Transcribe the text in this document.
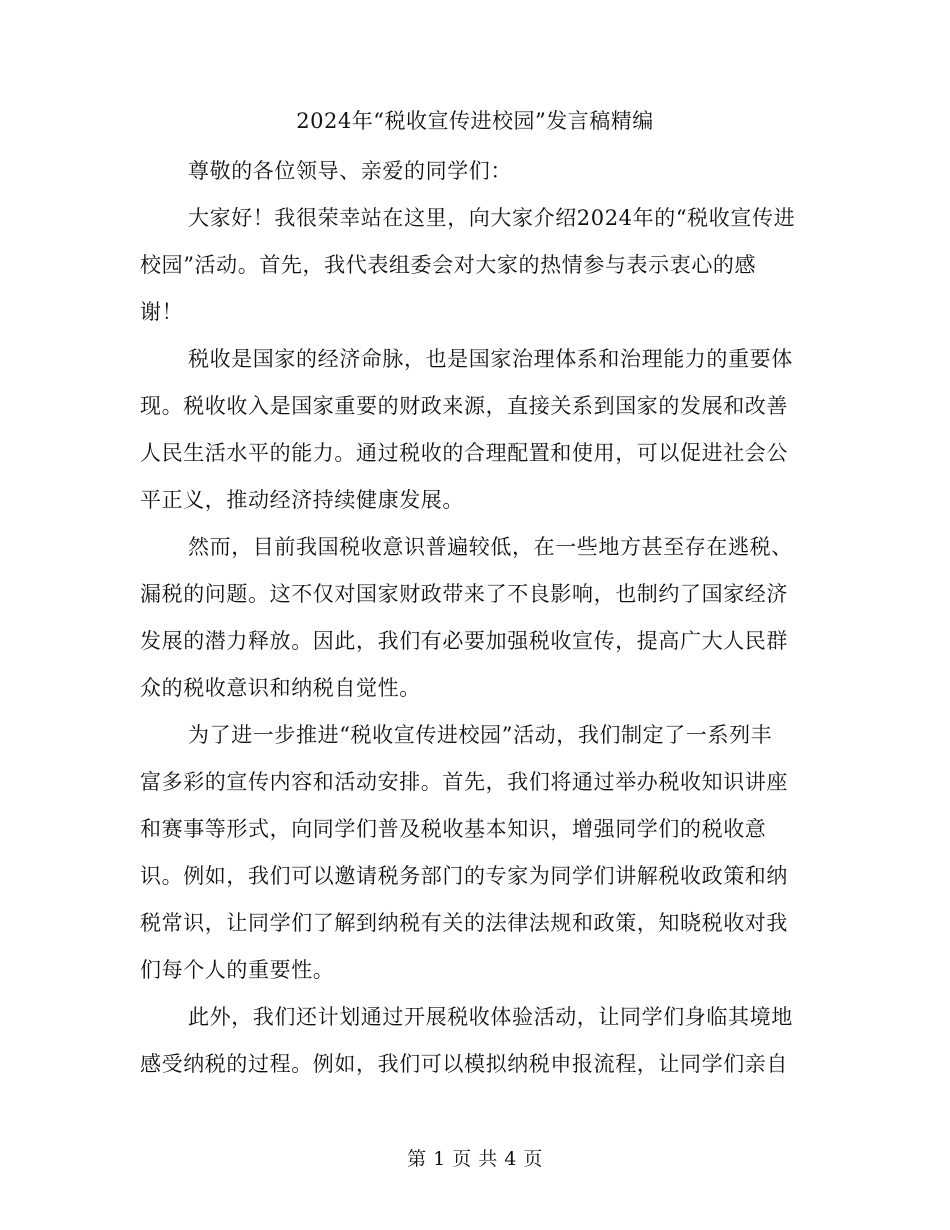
2024年“税收宣传进校园”发言稿精编
尊敬的各位领导、亲爱的同学们：
大家好！我很荣幸站在这里，向大家介绍2024年的“税收宣传进
校园”活动。首先，我代表组委会对大家的热情参与表示衷心的感
谢！
税收是国家的经济命脉，也是国家治理体系和治理能力的重要体
现。税收收入是国家重要的财政来源，直接关系到国家的发展和改善
人民生活水平的能力。通过税收的合理配置和使用，可以促进社会公
平正义，推动经济持续健康发展。
然而，目前我国税收意识普遍较低，在一些地方甚至存在逃税、
漏税的问题。这不仅对国家财政带来了不良影响，也制约了国家经济
发展的潜力释放。因此，我们有必要加强税收宣传，提高广大人民群
众的税收意识和纳税自觉性。
为了进一步推进“税收宣传进校园”活动，我们制定了一系列丰
富多彩的宣传内容和活动安排。首先，我们将通过举办税收知识讲座
和赛事等形式，向同学们普及税收基本知识，增强同学们的税收意
识。例如，我们可以邀请税务部门的专家为同学们讲解税收政策和纳
税常识，让同学们了解到纳税有关的法律法规和政策，知晓税收对我
们每个人的重要性。
此外，我们还计划通过开展税收体验活动，让同学们身临其境地
感受纳税的过程。例如，我们可以模拟纳税申报流程，让同学们亲自
第 1 页 共 4 页
